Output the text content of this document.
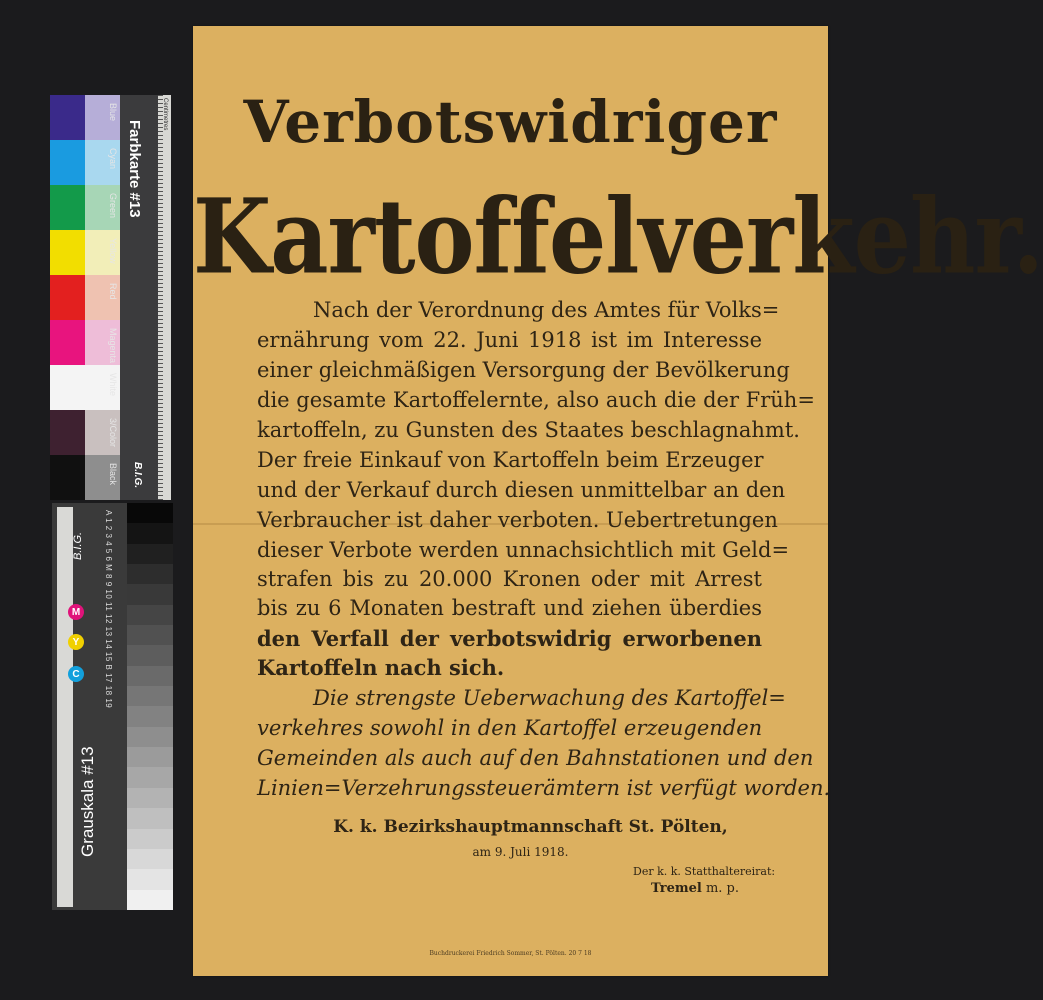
Farbkarte #13
B.I.G.
Centimetres
Blue
Cyan
Green
Yellow
Red
Magenta
White
3/Color
Black
A 1 2 3 4 5 6 M 8 9 10 11 12 13 14 15 B 17 18 19
Grauskala #13
B.I.G.
C
Y
M
Verbotswidriger
Kartoffelverkehr.
Nach der Verordnung des Amtes für Volks=
ernährung vom 22. Juni 1918 ist im Interesse
einer gleichmäßigen Versorgung der Bevölkerung
die gesamte Kartoffelernte, also auch die der Früh=
kartoffeln, zu Gunsten des Staates beschlagnahmt.
Der freie Einkauf von Kartoffeln beim Erzeuger
und der Verkauf durch diesen unmittelbar an den
Verbraucher ist daher verboten. Uebertretungen
dieser Verbote werden unnachsichtlich mit Geld=
strafen bis zu 20.000 Kronen oder mit Arrest
bis zu 6 Monaten bestraft und ziehen überdies
den Verfall der verbotswidrig erworbenen
Kartoffeln nach sich.
Die strengste Ueberwachung des Kartoffel=
verkehres sowohl in den Kartoffel erzeugenden
Gemeinden als auch auf den Bahnstationen und den
Linien=Verzehrungssteuerämtern ist verfügt worden.
K. k. Bezirkshauptmannschaft St. Pölten,
am 9. Juli 1918.
Der k. k. Statthaltereirat:
Tremel m. p.
Buchdruckerei Friedrich Sommer, St. Pölten. 20 7 18
